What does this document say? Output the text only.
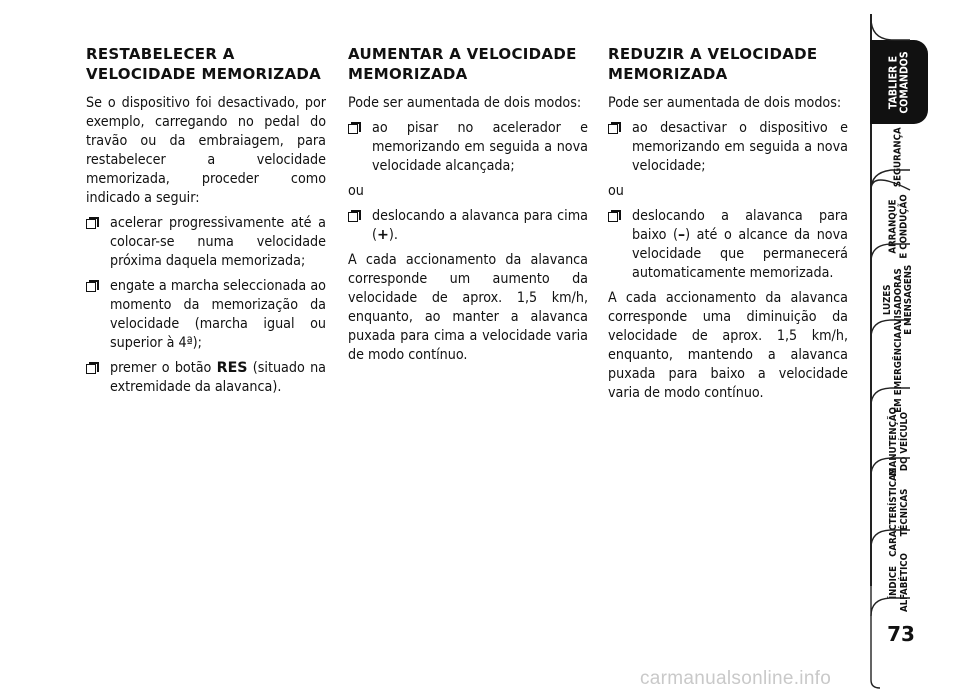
RESTABELECER A VELOCIDADE MEMORIZADA

Se o dispositivo foi desactivado, por exemplo, carregando no pedal do travão ou da embraiagem, para restabelecer a velocidade memorizada, proceder como indicado a seguir:

acelerar progressivamente até a colocar-se numa velocidade próxima daquela memorizada;
engate a marcha seleccionada ao momento da memorização da velocidade (marcha igual ou superior à 4ª);
premer o botão RES (situado na extremidade da alavanca).
AUMENTAR A VELOCIDADE MEMORIZADA

Pode ser aumentada de dois modos:

ao pisar no acelerador e memorizando em seguida a nova velocidade alcançada;

ou

deslocando a alavanca para cima (+).

A cada accionamento da alavanca corresponde um aumento da velocidade de aprox. 1,5 km/h, enquanto, ao manter a alavanca puxada para cima a velocidade varia de modo contínuo.

REDUZIR A VELOCIDADE MEMORIZADA

Pode ser aumentada de dois modos:

ao desactivar o dispositivo e memorizando em seguida a nova velocidade;

ou

deslocando a alavanca para baixo (–) até o alcance da nova velocidade que permanecerá automaticamente memorizada.

A cada accionamento da alavanca corresponde uma diminuição da velocidade de aprox. 1,5 km/h, enquanto, mantendo a alavanca puxada para baixo a velocidade varia de modo contínuo.

TABLIER E
COMANDOS
SEGURANÇA
ARRANQUE
E CONDUÇÃO
LUZES
AVISADORAS
E MENSAGENS
EM EMERGÊNCIA
MANUTENÇÃO
DO VEÍCULO
CARACTERÍSTICAS
TÉCNICAS
ÍNDICE
ALFABÉTICO
73
carmanualsonline.info
